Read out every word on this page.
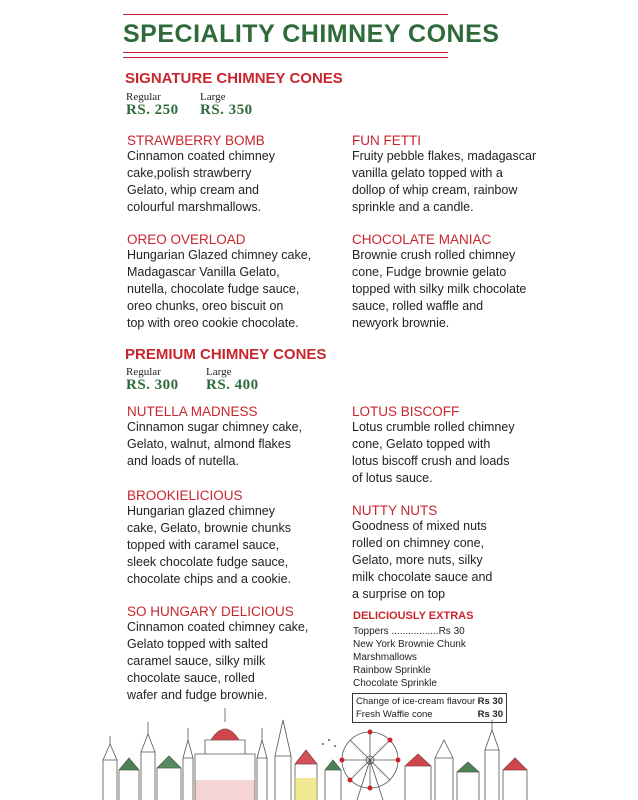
SPECIALITY CHIMNEY CONES
SIGNATURE CHIMNEY CONES
Regular	Large
RS. 250 RS. 350
STRAWBERRY BOMB
Cinnamon coated chimney
cake,polish strawberry
Gelato, whip cream and
colourful marshmallows.
FUN FETTI
Fruity pebble flakes, madagascar
vanilla gelato topped with a
dollop of whip cream, rainbow
sprinkle and a candle.
OREO OVERLOAD
Hungarian Glazed chimney cake,
Madagascar Vanilla Gelato,
nutella, chocolate fudge sauce,
oreo chunks, oreo biscuit on
top with oreo cookie chocolate.
CHOCOLATE MANIAC
Brownie crush rolled chimney
cone, Fudge brownie gelato
topped with silky milk chocolate
sauce, rolled waffle and
newyork brownie.
PREMIUM CHIMNEY CONES
Regular	Large
RS. 300 RS. 400
NUTELLA MADNESS
Cinnamon sugar chimney cake,
Gelato, walnut, almond flakes
and loads of nutella.
LOTUS BISCOFF
Lotus crumble rolled chimney
cone, Gelato topped with
lotus biscoff crush and loads
of lotus sauce.
BROOKIELICIOUS
Hungarian glazed chimney
cake, Gelato, brownie chunks
topped with caramel sauce,
sleek chocolate fudge sauce,
chocolate chips and a cookie.
NUTTY NUTS
Goodness of mixed nuts
rolled on chimney cone,
Gelato, more nuts, silky
milk chocolate sauce and
a surprise on top
SO HUNGARY DELICIOUS
Cinnamon coated chimney cake,
Gelato topped with salted
caramel sauce, silky milk
chocolate sauce, rolled
wafer and fudge brownie.
DELICIOUSLY EXTRAS
Toppers .................Rs 30
New York Brownie Chunk
Marshmallows
Rainbow Sprinkle
Chocolate Sprinkle
Change of ice-cream flavour Rs 30
Fresh Waffle cone	Rs 30
